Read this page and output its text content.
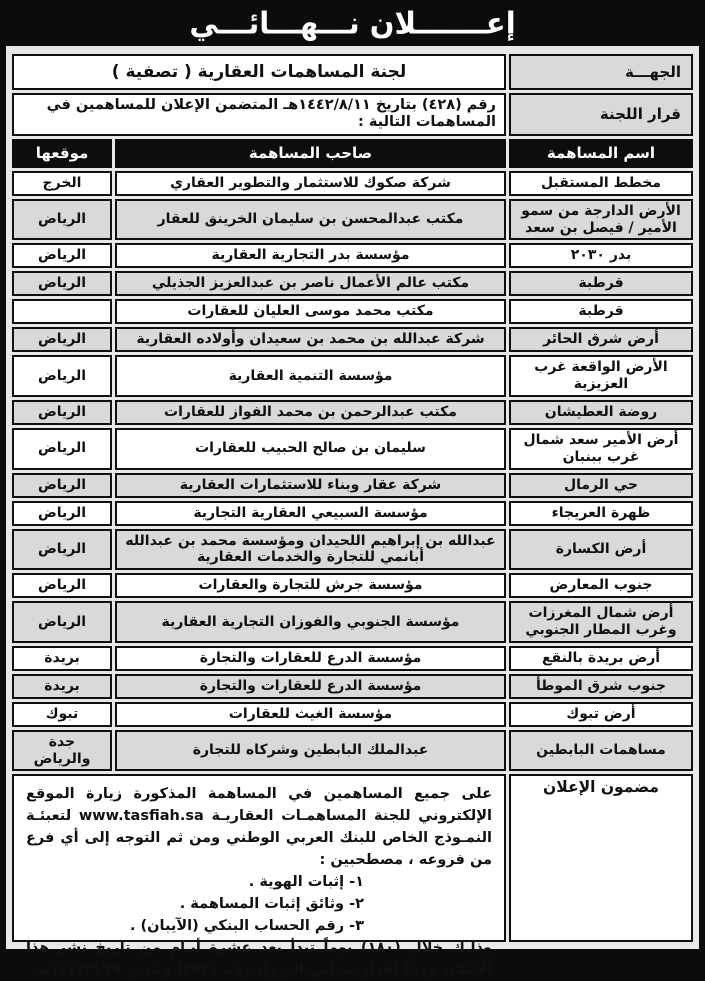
إعـــــــلان نـــهـــائـــي
الجهـــة
لجنة المساهمات العقارية ( تصفية )
قرار اللجنة
رقم (٤٢٨) بتاريخ ١٤٤٢/٨/١١هـ المتضمن الإعلان للمساهمين في المساهمات التالية :
اسم المساهمة
صاحب المساهمة
موقعها
مخطط المستقبل
شركة صكوك للاستثمار والتطوير العقاري
الخرج
الأرض الدارجة من سمو الأمير / فيصل بن سعد
مكتب عبدالمحسن بن سليمان الخرينق للعقار
الرياض
بدر ٢٠٣٠
مؤسسة بدر التجارية العقارية
الرياض
قرطبة
مكتب عالم الأعمال ناصر بن عبدالعزيز الجذيلي
الرياض
قرطبة
مكتب محمد موسى العليان للعقارات
أرض شرق الحائر
شركة عبدالله بن محمد بن سعيدان وأولاده العقارية
الرياض
الأرض الواقعة غرب العزيزية
مؤسسة التنمية العقارية
الرياض
روضة العطيشان
مكتب عبدالرحمن بن محمد الفواز للعقارات
الرياض
أرض الأمير سعد شمال غرب ببنبان
سليمان بن صالح الحبيب للعقارات
الرياض
حي الرمال
شركة عقار وبناء للاستثمارات العقارية
الرياض
ظهرة العريجاء
مؤسسة السبيعي العقارية التجارية
الرياض
أرض الكسارة
عبدالله بن إبراهيم اللحيدان ومؤسسة محمد بن عبدالله أبانمي للتجارة والخدمات العقارية
الرياض
جنوب المعارض
مؤسسة جرش للتجارة والعقارات
الرياض
أرض شمال المغرزات وغرب المطار الجنوبي
مؤسسة الجنوبي والفوزان التجارية العقارية
الرياض
أرض بريدة بالنقع
مؤسسة الدرع للعقارات والتجارة
بريدة
جنوب شرق الموطأ
مؤسسة الدرع للعقارات والتجارة
بريدة
أرض تبوك
مؤسسة الغيث للعقارات
تبوك
مساهمات البابطين
عبدالملك البابطين وشركاه للتجارة
جدة والرياض
مضمون الإعلان
على جميع المساهمين في المساهمة المذكورة زيارة الموقع الإلكتروني للجنة المساهمـات العقاريـة www.tasfiah.sa لتعبئـة النمـوذج الخاص للبنك العربي الوطني ومن ثم التوجه إلى أي فرع من فروعه ، مصطحبين :
١- إثبات الهوية .
٢- وثائق إثبات المساهمة .
٣- رقم الحساب البنكي (الآيبان) .
وذلـك خلال (١٨٠) يوماً تبدأ بعد عشرة أيـام من تاريخ نشر هذا الإعلان وفقاً لقرار مجلس الوزراء رقم (٣٥٣) وتاريخ ١٤٤٢/٦/٢٧هـ.
